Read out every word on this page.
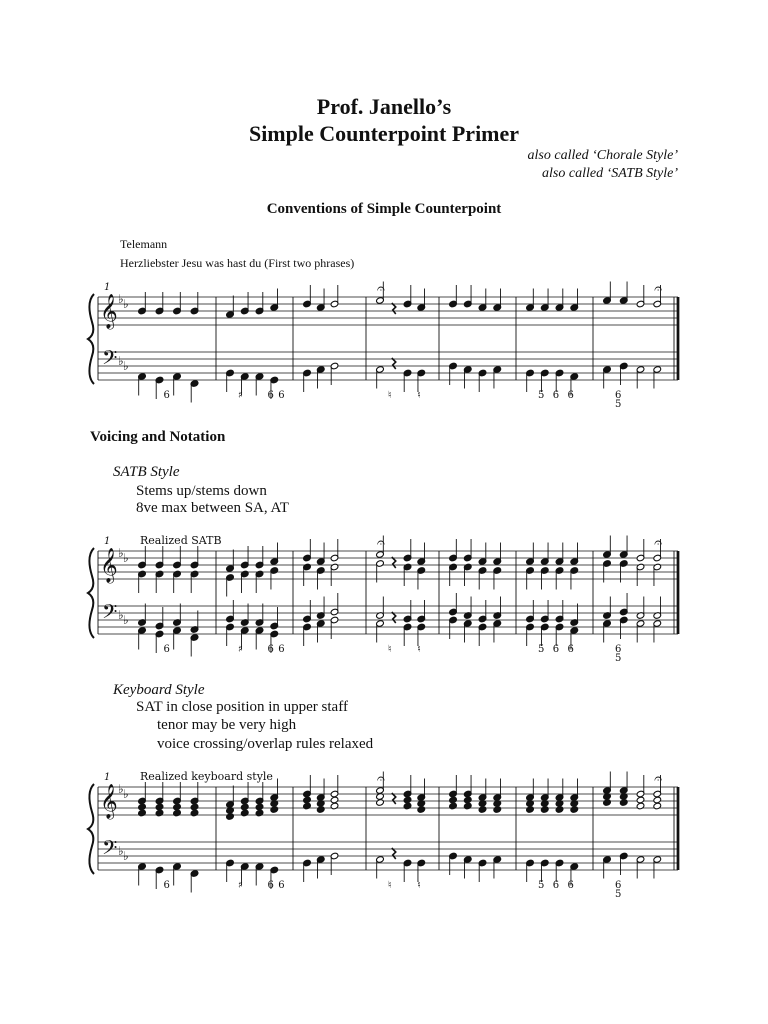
Prof. Janello’s
Simple Counterpoint Primer
also called ‘Chorale Style’
also called ‘SATB Style’
Conventions of Simple Counterpoint
Telemann
Herzliebster Jesu was hast du (First two phrases)
𝄞
𝄢
♭ ♭
♭ ♭
1	𝄐	𝄐
6	♯ 6 6	♮	♮	5 6 6	6
5
Voicing and Notation
SATB Style
Stems up/stems down
8ve max between SA, AT
𝄞
𝄢
♭ ♭
♭ ♭
1	Realized SATB	𝄐	𝄐
6	♯ 6 6	♮	♮	5 6 6	6
5
Keyboard Style
SAT in close position in upper staff
tenor may be very high
voice crossing/overlap rules relaxed
𝄞
𝄢
♭ ♭
♭ ♭
1	Realized keyboard style	𝄐	𝄐
6	♯ 6 6	♮	♮	5 6 6	6
5
